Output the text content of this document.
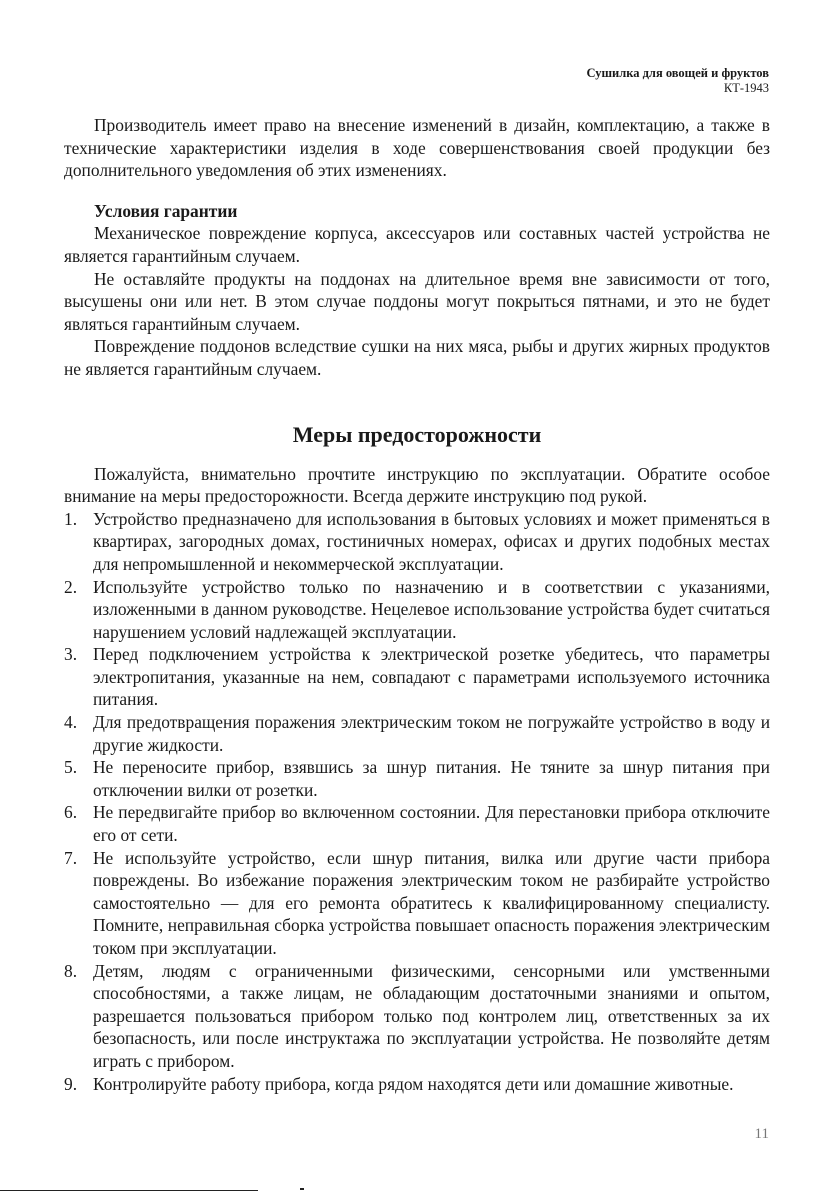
Сушилка для овощей и фруктов
КТ-1943

Производитель имеет право на внесение изменений в дизайн, комплектацию, а также в технические характеристики изделия в ходе совершенствования своей продукции без дополнительного уведомления об этих изменениях.

Условия гарантии

Механическое повреждение корпуса, аксессуаров или составных частей устройства не является гарантийным случаем.

Не оставляйте продукты на поддонах на длительное время вне зависимости от того, высушены они или нет. В этом случае поддоны могут покрыться пятнами, и это не будет являться гарантийным случаем.

Повреждение поддонов вследствие сушки на них мяса, рыбы и других жирных продуктов не является гарантийным случаем.

Меры предосторожности

Пожалуйста, внимательно прочтите инструкцию по эксплуатации. Обратите особое внимание на меры предосторожности. Всегда держите инструкцию под рукой.

1. Устройство предназначено для использования в бытовых условиях и может применяться в квартирах, загородных домах, гостиничных номерах, офисах и других подобных местах для непромышленной и некоммерческой эксплуатации.
2. Используйте устройство только по назначению и в соответствии с указаниями, изложенными в данном руководстве. Нецелевое использование устройства будет считаться нарушением условий надлежащей эксплуатации.
3. Перед подключением устройства к электрической розетке убедитесь, что параметры электропитания, указанные на нем, совпадают с параметрами используемого источника питания.
4. Для предотвращения поражения электрическим током не погружайте устройство в воду и другие жидкости.
5. Не переносите прибор, взявшись за шнур питания. Не тяните за шнур питания при отключении вилки от розетки.
6. Не передвигайте прибор во включенном состоянии. Для перестановки прибора отключите его от сети.
7. Не используйте устройство, если шнур питания, вилка или другие части прибора повреждены. Во избежание поражения электрическим током не разбирайте устройство самостоятельно — для его ремонта обратитесь к квалифицированному специалисту. Помните, неправильная сборка устройства повышает опасность поражения электрическим током при эксплуатации.
8. Детям, людям с ограниченными физическими, сенсорными или умственными способностями, а также лицам, не обладающим достаточными знаниями и опытом, разрешается пользоваться прибором только под контролем лиц, ответственных за их безопасность, или после инструктажа по эксплуатации устройства. Не позволяйте детям играть с прибором.
9. Контролируйте работу прибора, когда рядом находятся дети или домашние животные.
11
